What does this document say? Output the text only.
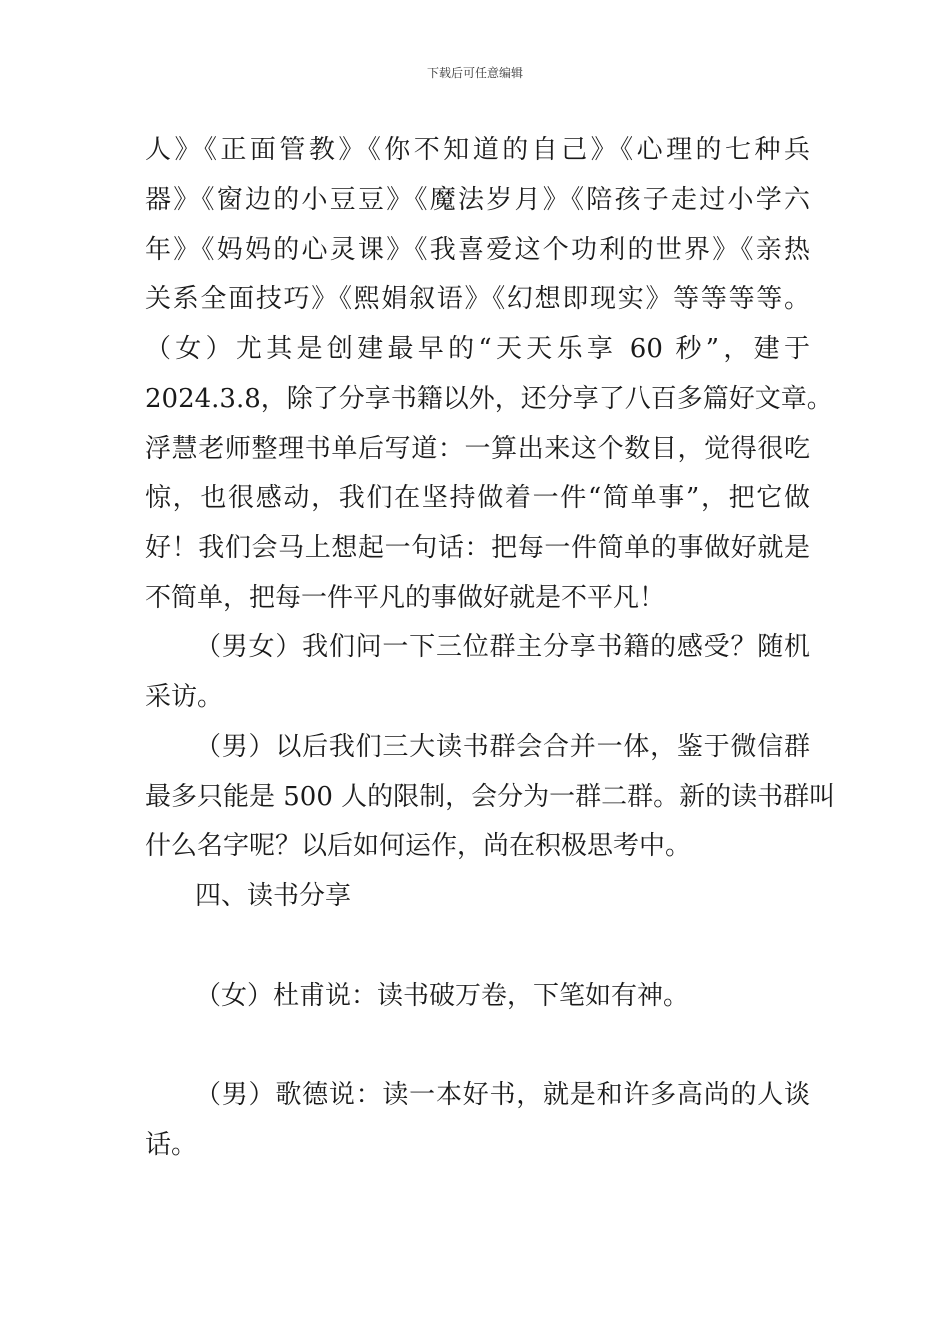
下载后可任意编辑
人》《正面管教》《你不知道的自己》《心理的七种兵
器》《窗边的小豆豆》《魔法岁月》《陪孩子走过小学六
年》《妈妈的心灵课》《我喜爱这个功利的世界》《亲热
关系全面技巧》《熙娟叙语》《幻想即现实》等等等等。
（女）尤其是创建最早的“天天乐享 60 秒”，建于
2024.3.8，除了分享书籍以外，还分享了八百多篇好文章。
浮慧老师整理书单后写道：一算出来这个数目，觉得很吃
惊，也很感动，我们在坚持做着一件“简单事”，把它做
好！我们会马上想起一句话：把每一件简单的事做好就是
不简单，把每一件平凡的事做好就是不平凡！
（男女）我们问一下三位群主分享书籍的感受？随机
采访。
（男）以后我们三大读书群会合并一体，鉴于微信群
最多只能是 500 人的限制，会分为一群二群。新的读书群叫
什么名字呢？以后如何运作，尚在积极思考中。
四、读书分享
（女）杜甫说：读书破万卷，下笔如有神。
（男）歌德说：读一本好书，就是和许多高尚的人谈
话。
